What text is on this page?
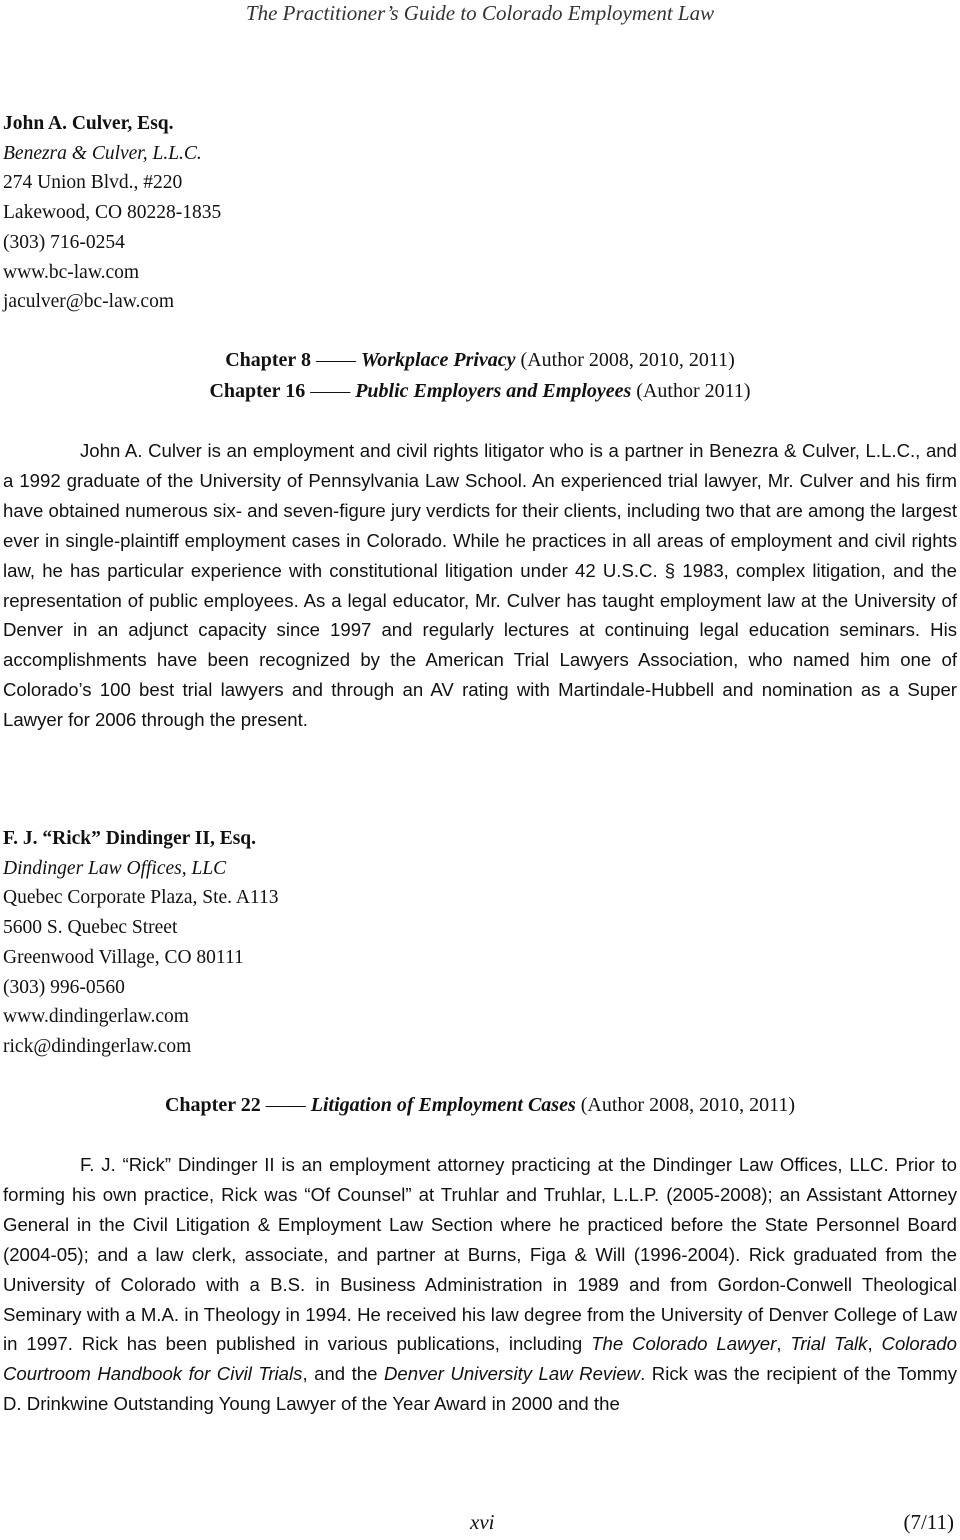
The Practitioner’s Guide to Colorado Employment Law
John A. Culver, Esq.
Benezra & Culver, L.L.C.
274 Union Blvd., #220
Lakewood, CO 80228-1835
(303) 716-0254
www.bc-law.com
jaculver@bc-law.com
Chapter 8 —— Workplace Privacy (Author 2008, 2010, 2011)
Chapter 16 —— Public Employers and Employees (Author 2011)

John A. Culver is an employment and civil rights litigator who is a partner in Benezra & Culver, L.L.C., and a 1992 graduate of the University of Pennsylvania Law School. An experienced trial lawyer, Mr. Culver and his firm have obtained numerous six- and seven-figure jury verdicts for their clients, including two that are among the largest ever in single-plaintiff employment cases in Colorado. While he practices in all areas of employment and civil rights law, he has particular experience with constitutional litigation under 42 U.S.C. § 1983, complex litigation, and the representation of public employees. As a legal educator, Mr. Culver has taught employment law at the University of Denver in an adjunct capacity since 1997 and regularly lectures at continuing legal education seminars. His accomplishments have been recognized by the American Trial Lawyers Association, who named him one of Colorado’s 100 best trial lawyers and through an AV rating with Martindale-Hubbell and nomination as a Super Lawyer for 2006 through the present.

F. J. “Rick” Dindinger II, Esq.
Dindinger Law Offices, LLC
Quebec Corporate Plaza, Ste. A113
5600 S. Quebec Street
Greenwood Village, CO 80111
(303) 996-0560
www.dindingerlaw.com
rick@dindingerlaw.com
Chapter 22 —— Litigation of Employment Cases (Author 2008, 2010, 2011)

F. J. “Rick” Dindinger II is an employment attorney practicing at the Dindinger Law Offices, LLC. Prior to forming his own practice, Rick was “Of Counsel” at Truhlar and Truhlar, L.L.P. (2005-2008); an Assistant Attorney General in the Civil Litigation & Employment Law Section where he practiced before the State Personnel Board (2004-05); and a law clerk, associate, and partner at Burns, Figa & Will (1996-2004). Rick graduated from the University of Colorado with a B.S. in Business Administration in 1989 and from Gordon-Conwell Theological Seminary with a M.A. in Theology in 1994. He received his law degree from the University of Denver College of Law in 1997. Rick has been published in various publications, including The Colorado Lawyer, Trial Talk, Colorado Courtroom Handbook for Civil Trials, and the Denver University Law Review. Rick was the recipient of the Tommy D. Drinkwine Outstanding Young Lawyer of the Year Award in 2000 and the

xvi	(7/11)
